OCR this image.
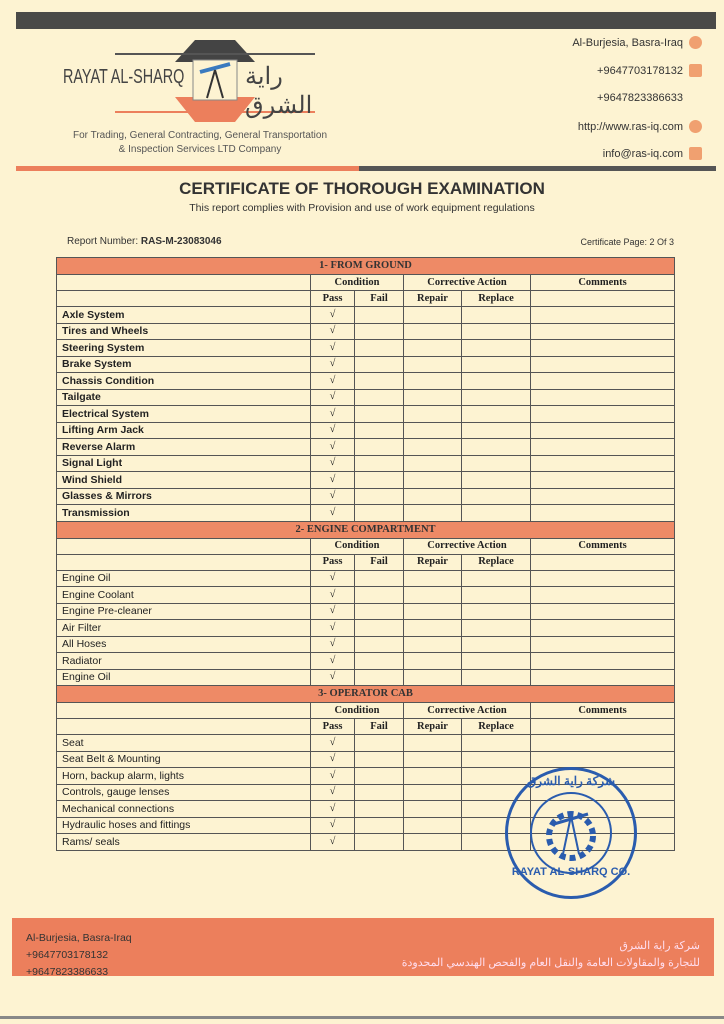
RAYAT AL-SHARQ	راية الشرق
For Trading, General Contracting, General Transportation
& Inspection Services LTD Company
Al-Burjesia, Basra-Iraq
+9647703178132
+9647823386633
http://www.ras-iq.com
info@ras-iq.com
CERTIFICATE OF THOROUGH EXAMINATION
This report complies with Provision and use of work equipment regulations
Report Number: RAS-M-23083046	Certificate Page: 2 Of 3
1- FROM GROUND					
	Condition		Corrective Action		Comments
	Pass	Fail	Repair	Replace	
Axle System	√				
Tires and Wheels	√				
Steering System	√				
Brake System	√				
Chassis Condition	√				
Tailgate	√				
Electrical System	√				
Lifting Arm Jack	√				
Reverse Alarm	√				
Signal Light	√				
Wind Shield	√				
Glasses & Mirrors	√				
Transmission	√				
2- ENGINE COMPARTMENT					
	Condition		Corrective Action		Comments
	Pass	Fail	Repair	Replace	
Engine Oil	√				
Engine Coolant	√				
Engine Pre-cleaner	√				
Air Filter	√				
All Hoses	√				
Radiator	√				
Engine Oil	√				
3- OPERATOR CAB					
	Condition		Corrective Action		Comments
	Pass	Fail	Repair	Replace	
Seat	√				
Seat Belt & Mounting	√				
Horn, backup alarm, lights	√				
Controls, gauge lenses	√				
Mechanical connections	√				
Hydraulic hoses and fittings	√				
Rams/ seals	√				
شركة راية الشرق
RAYAT AL-SHARQ CO.
Al-Burjesia, Basra-Iraq
+9647703178132
+9647823386633
شركة راية الشرق
للتجارة والمقاولات العامة والنقل العام والفحص الهندسي المحدودة
